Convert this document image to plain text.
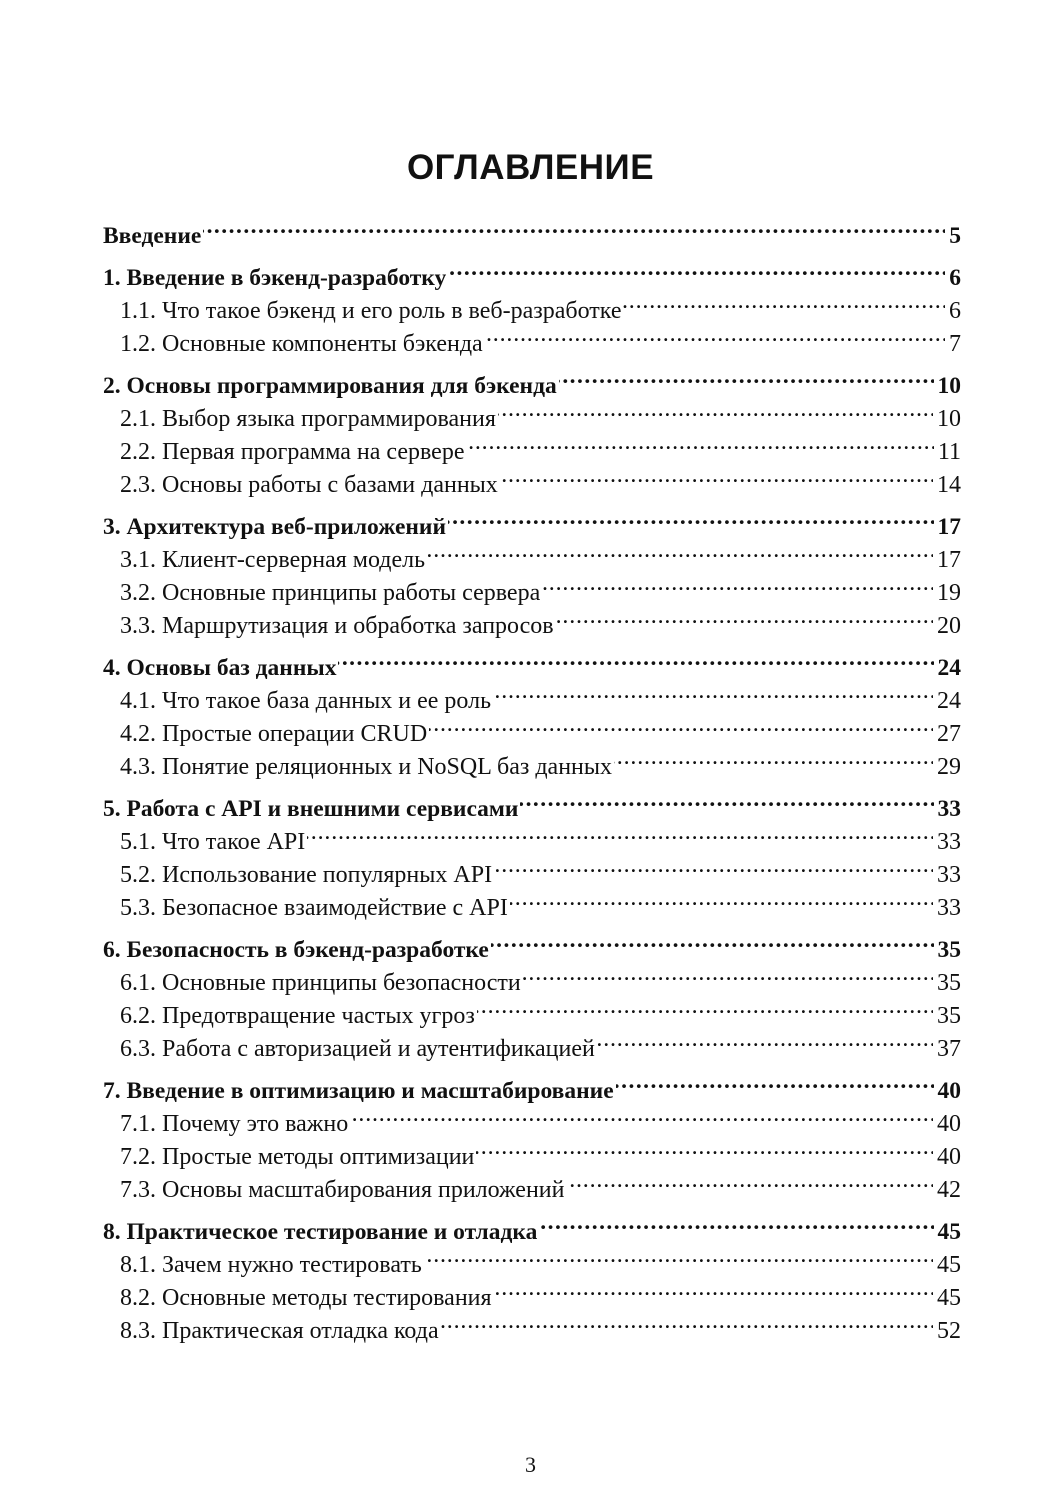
ОГЛАВЛЕНИЕ
Введение . . .	5
1. Введение в бэкенд-разработку . . .	6
1.1. Что такое бэкенд и его роль в веб-разработке . . .	6
1.2. Основные компоненты бэкенда . . .	7
2. Основы программирования для бэкенда . . .	10
2.1. Выбор языка программирования . . .	10
2.2. Первая программа на сервере . . .	11
2.3. Основы работы с базами данных . . .	14
3. Архитектура веб-приложений . . .	17
3.1. Клиент-серверная модель . . .	17
3.2. Основные принципы работы сервера . . .	19
3.3. Маршрутизация и обработка запросов . . .	20
4. Основы баз данных . . .	24
4.1. Что такое база данных и ее роль . . .	24
4.2. Простые операции CRUD . . .	27
4.3. Понятие реляционных и NoSQL баз данных . . .	29
5. Работа с API и внешними сервисами . . .	33
5.1. Что такое API . . .	33
5.2. Использование популярных API . . .	33
5.3. Безопасное взаимодействие с API . . .	33
6. Безопасность в бэкенд-разработке . . .	35
6.1. Основные принципы безопасности . . .	35
6.2. Предотвращение частых угроз . . .	35
6.3. Работа с авторизацией и аутентификацией . . .	37
7. Введение в оптимизацию и масштабирование . . .	40
7.1. Почему это важно . . .	40
7.2. Простые методы оптимизации . . .	40
7.3. Основы масштабирования приложений . . .	42
8. Практическое тестирование и отладка . . .	45
8.1. Зачем нужно тестировать . . .	45
8.2. Основные методы тестирования . . .	45
8.3. Практическая отладка кода . . .	52
3
